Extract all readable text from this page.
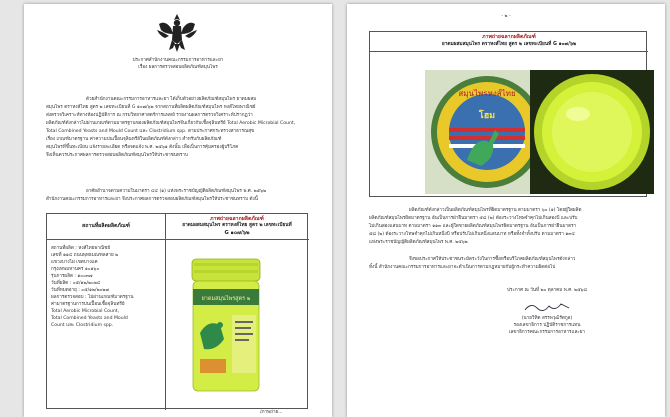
ประกาศสำนักงานคณะกรรมการอาหารและยา
เรื่อง ผลการตรวจสอบผลิตภัณฑ์สมุนไพร
ด้วยสำนักงานคณะกรรมการอาหารและยา ได้เก็บตัวอย่างผลิตภัณฑ์สมุนไพร ยาดมผสม
สมุนไพร ตราหงส์ไทย สูตร ๒ เลขทะเบียนที่ G ๑๐๗/๖๒ จากสถานที่ผลิตผลิตภัณฑ์สมุนไพร หงส์ไทยพาณิชย์
ส่งตรวจวิเคราะห์ทางห้องปฏิบัติการ ณ กรมวิทยาศาสตร์การแพทย์ รายงานผลการตรวจวิเคราะห์ปรากฏว่า
ผลิตภัณฑ์ดังกล่าวไม่ผ่านเกณฑ์ตามมาตรฐานของผลิตภัณฑ์สมุนไพรจีนเกี่ยวกับเชื้อจุลินทรีย์ Total Aerobic Microbial Count,
Total Combined Yeasts and Mould Count และ Clostridium spp. ตามประกาศกระทรวงสาธารณสุข
เรื่อง เกณฑ์มาตรฐาน ค่าความปนเปื้อนจุลินทรีย์ในผลิตภัณฑ์ดังกล่าว สำหรับกับผลิตภัณฑ์
สมุนไพรที่ขึ้นทะเบียน แจ้งรายละเอียด หรือจดแจ้ง พ.ศ. ๒๕๖๑ ดังนั้น เพื่อเป็นการคุ้มครองผู้บริโภค
จึงเห็นควรประกาศผลการตรวจสอบผลิตภัณฑ์สมุนไพรให้ประชาชนทราบ
อาศัยอำนาจตามความในมาตรา ๔๔ (๑) แห่งพระราชบัญญัติผลิตภัณฑ์สมุนไพร พ.ศ. ๒๕๖๒
สำนักงานคณะกรรมการอาหารและยา จึงประกาศผลการตรวจสอบผลิตภัณฑ์สมุนไพรให้ประชาชนทราบ ดังนี้
สถานที่ผลิตผลิตภัณฑ์
ภาพถ่ายฉลากผลิตภัณฑ์
ยาดมผสมสมุนไพร ตราหงส์ไทย สูตร ๒ เลขทะเบียนที่
G ๑๐๗/๖๒
สถานที่ผลิต : หงส์ไทยพาณิชย์
เลขที่ ๑๑๔ ถนนพุทธมณฑลสาย ๒
แขวงบางไผ่ เขตบางแค
กรุงเทพมหานคร ๑๐๑๖๐
รุ่นการผลิต : ๑๐๐๓๗
วันที่ผลิต : ๐๕/๑๒/๒๐๒๔
วันที่หมดอายุ : ๐๕/๑๒/๒๐๒๗
ผลการตรวจสอบ : ไม่ผ่านเกณฑ์มาตรฐาน
ค่ามาตรฐานการปนเปื้อนเชื้อจุลินทรีย์
Total Aerobic Microbial Count,
Total Combined Yeasts and Mould
Count และ Clostridium spp.
ยาดมสมุนไพรสูตร ๒
/ภาพถ่าย...
- ๒ -
ภาพถ่ายฉลากผลิตภัณฑ์
ยาดมผสมสมุนไพร ตราหงส์ไทย สูตร ๒ เลขทะเบียนที่ G ๑๐๗/๖๒
สมุนไพรหงส์ไทย
โฮม
ผลิตภัณฑ์ดังกล่าวเป็นผลิตภัณฑ์สมุนไพรที่ผิดมาตรฐาน ตามมาตรา ๖๐ (๑) โดยผู้ใดผลิต
ผลิตภัณฑ์สมุนไพรผิดมาตรฐาน อันเป็นการฝ่าฝืนมาตรา ๕๘ (๒) ต้องระวางโทษจำคุกไม่เกินสองปี และปรับ
ไม่เกินสองแสนบาท ตามมาตรา ๑๑๓ และผู้ใดขายผลิตภัณฑ์สมุนไพรผิดมาตรฐาน อันเป็นการฝ่าฝืนมาตรา
๕๘ (๒) ต้องระวางโทษจำคุกไม่เกินหนึ่งปี หรือปรับไม่เกินหนึ่งแสนบาท หรือทั้งจำทั้งปรับ ตามมาตรา ๑๓๔
แห่งพระราชบัญญัติผลิตภัณฑ์สมุนไพร พ.ศ. ๒๕๖๒
จึงขอประกาศให้ประชาชนระมัดระวังในการซื้อหรือบริโภคผลิตภัณฑ์สมุนไพรดังกล่าว
ทั้งนี้ สำนักงานคณะกรรมการอาหารและยาจะดำเนินการตามกฎหมายกับผู้กระทำความผิดต่อไป
ประกาศ ณ วันที่ ๒๐ ตุลาคม พ.ศ. ๒๕๖๘
(นายวิทิต สรรพวุฒิรัตกูล)
รองเลขาธิการ ปฏิบัติราชการแทน
เลขาธิการคณะกรรมการอาหารและยา
